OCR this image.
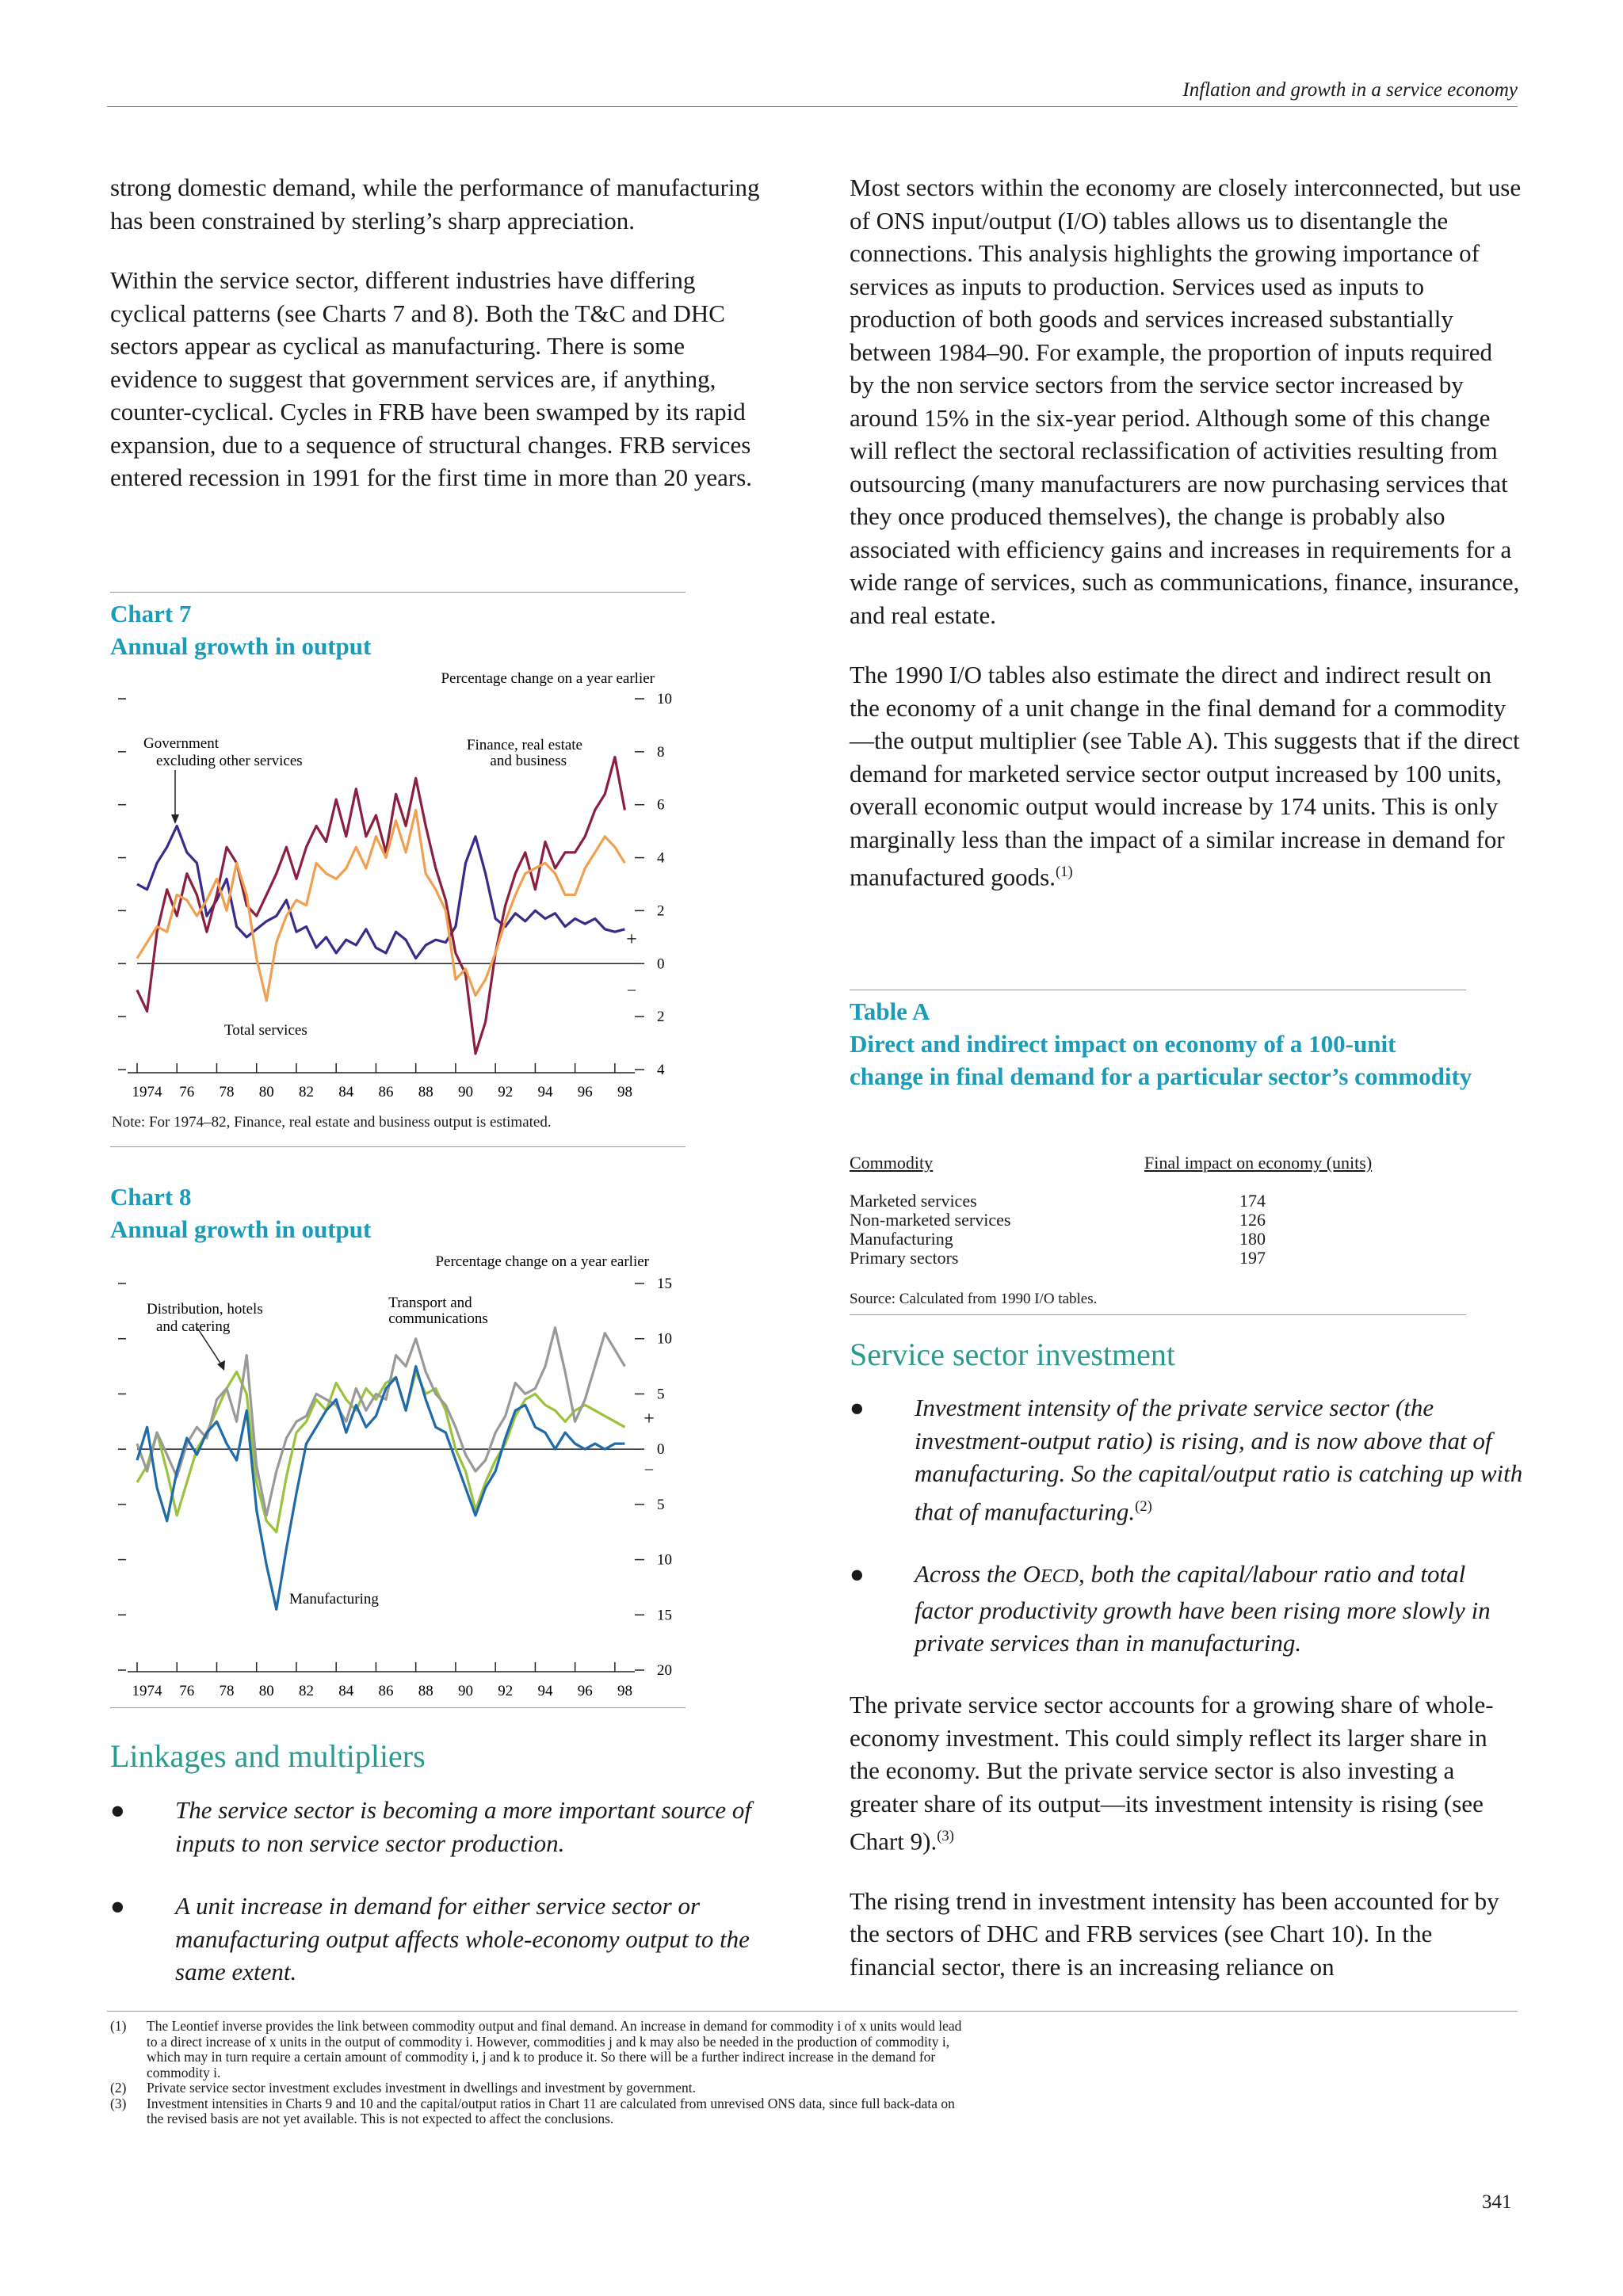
Inflation and growth in a service economy

strong domestic demand, while the performance of manufacturing has been constrained by sterling’s sharp appreciation.

Within the service sector, different industries have differing cyclical patterns (see Charts 7 and 8). Both the T&C and DHC sectors appear as cyclical as manufacturing. There is some evidence to suggest that government services are, if anything, counter-cyclical. Cycles in FRB have been swamped by its rapid expansion, due to a sequence of structural changes. FRB services entered recession in 1991 for the first time in more than 20 years.

Chart 7
Annual growth in output
Percentage change on a year earlier
10
8
6
4
2
0
2
4
1974 76 78 80 82 84 86 88 90 92 94 96 98
+
_
Government
excluding other services
Finance, real estate
and business
Total services
Note: For 1974–82, Finance, real estate and business output is estimated.
Chart 8
Annual growth in output
Percentage change on a year earlier
15
10
5
0
5
10
15
20
1974 76 78 80 82 84 86 88 90 92 94 96 98
+
_
Distribution, hotels
and catering
Transport and
communications
Manufacturing
Linkages and multipliers
● The service sector is becoming a more important source of inputs to non service sector production.
● A unit increase in demand for either service sector or manufacturing output affects whole-economy output to the same extent.

Most sectors within the economy are closely interconnected, but use of ONS input/output (I/O) tables allows us to disentangle the connections. This analysis highlights the growing importance of services as inputs to production. Services used as inputs to production of both goods and services increased substantially between 1984–90. For example, the proportion of inputs required by the non service sectors from the service sector increased by around 15% in the six-year period. Although some of this change will reflect the sectoral reclassification of activities resulting from outsourcing (many manufacturers are now purchasing services that they once produced themselves), the change is probably also associated with efficiency gains and increases in requirements for a wide range of services, such as communications, finance, insurance, and real estate.

The 1990 I/O tables also estimate the direct and indirect result on the economy of a unit change in the final demand for a commodity—the output multiplier (see Table A). This suggests that if the direct demand for marketed service sector output increased by 100 units, overall economic output would increase by 174 units. This is only marginally less than the impact of a similar increase in demand for manufactured goods.$^{(1)}$

Table A
Direct and indirect impact on economy of a 100-unit change in final demand for a particular sector’s commodity
Commodity	Final impact on economy (units)
Marketed services	174
Non-marketed services	126
Manufacturing	180
Primary sectors	197
Source: Calculated from 1990 I/O tables.
Service sector investment
● Investment intensity of the private service sector (the investment-output ratio) is rising, and is now above that of manufacturing. So the capital/output ratio is catching up with that of manufacturing.$^{(2)}$
● Across the OECD, both the capital/labour ratio and total factor productivity growth have been rising more slowly in private services than in manufacturing.

The private service sector accounts for a growing share of whole-economy investment. This could simply reflect its larger share in the economy. But the private service sector is also investing a greater share of its output—its investment intensity is rising (see Chart 9).$^{(3)}$

The rising trend in investment intensity has been accounted for by the sectors of DHC and FRB services (see Chart 10). In the financial sector, there is an increasing reliance on

(1)	The Leontief inverse provides the link between commodity output and final demand. An increase in demand for commodity i of x units would lead
to a direct increase of x units in the output of commodity i. However, commodities j and k may also be needed in the production of commodity i,
which may in turn require a certain amount of commodity i, j and k to produce it. So there will be a further indirect increase in the demand for
commodity i.
(2)	Private service sector investment excludes investment in dwellings and investment by government.
(3)	Investment intensities in Charts 9 and 10 and the capital/output ratios in Chart 11 are calculated from unrevised ONS data, since full back-data on
the revised basis are not yet available. This is not expected to affect the conclusions.
341
